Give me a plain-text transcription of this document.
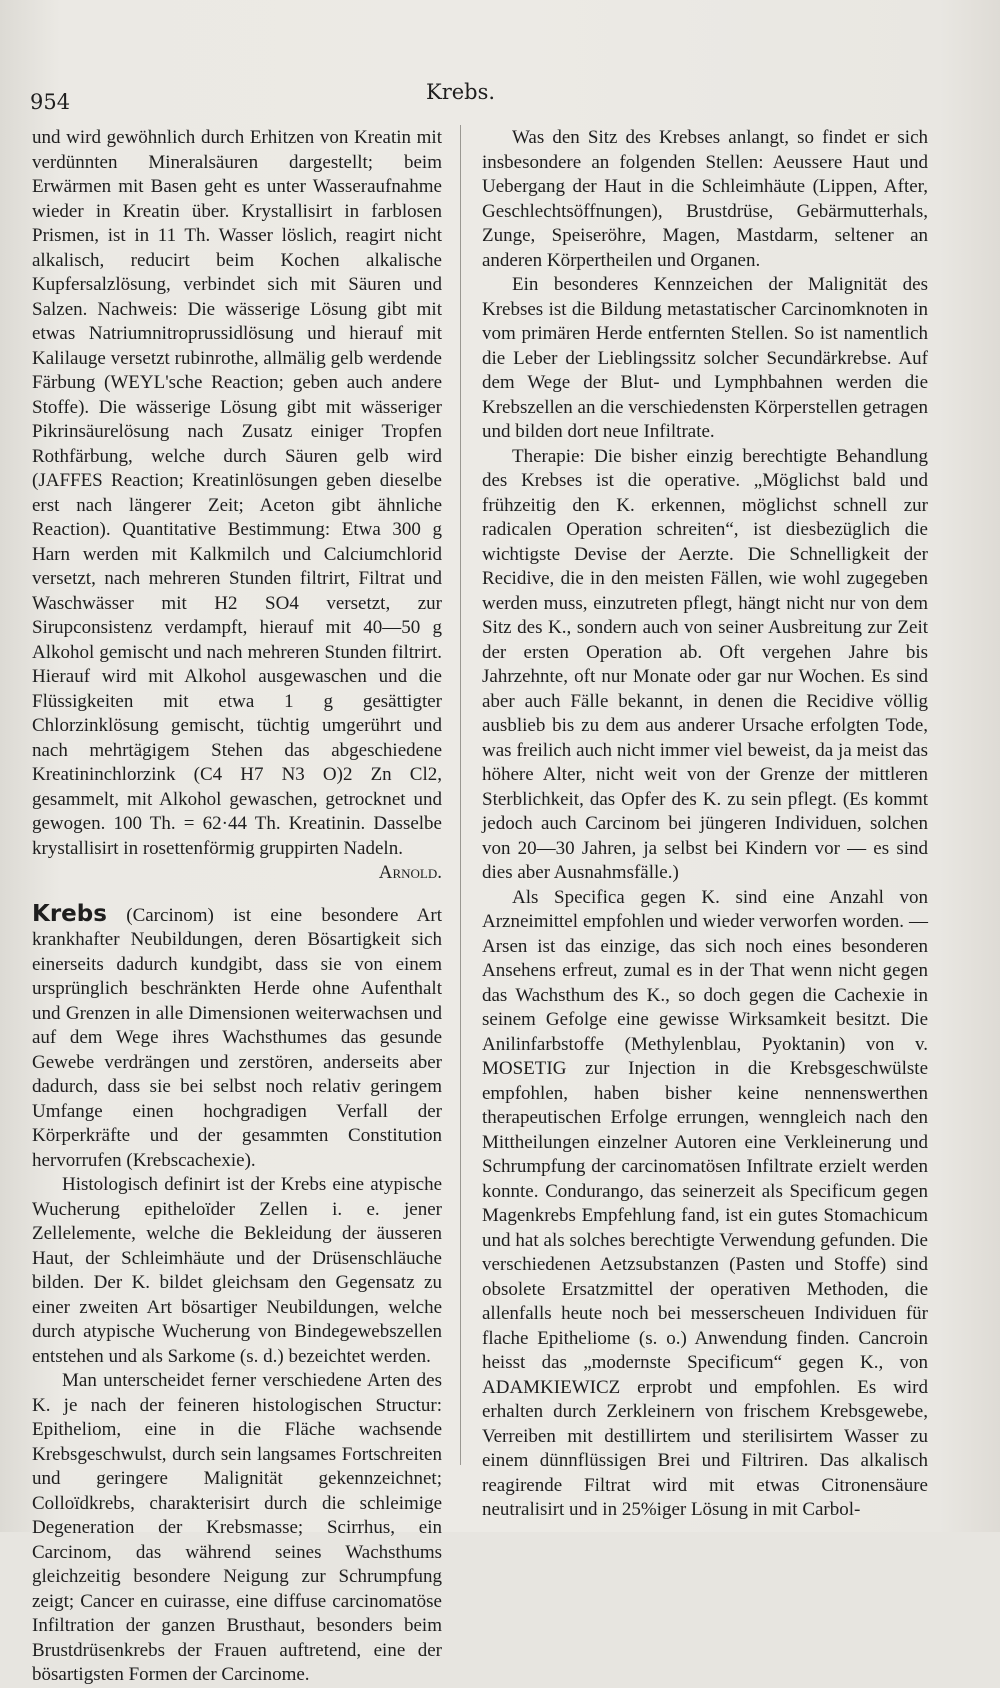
954	Krebs.

und wird gewöhnlich durch Erhitzen von Kreatin mit verdünnten Mineralsäuren dargestellt; beim Erwärmen mit Basen geht es unter Wasseraufnahme wieder in Kreatin über. Krystallisirt in farblosen Prismen, ist in 11 Th. Wasser löslich, reagirt nicht alkalisch, reducirt beim Kochen alkalische Kupfersalzlösung, verbindet sich mit Säuren und Salzen. Nachweis: Die wässerige Lösung gibt mit etwas Natriumnitroprussidlösung und hierauf mit Kalilauge versetzt rubinrothe, allmälig gelb werdende Färbung (WEYL'sche Reaction; geben auch andere Stoffe). Die wässerige Lösung gibt mit wässeriger Pikrinsäurelösung nach Zusatz einiger Tropfen Rothfärbung, welche durch Säuren gelb wird (JAFFES Reaction; Kreatinlösungen geben dieselbe erst nach längerer Zeit; Aceton gibt ähnliche Reaction). Quantitative Bestimmung: Etwa 300 g Harn werden mit Kalkmilch und Calciumchlorid versetzt, nach mehreren Stunden filtrirt, Filtrat und Waschwässer mit H2 SO4 versetzt, zur Sirupconsistenz verdampft, hierauf mit 40—50 g Alkohol gemischt und nach mehreren Stunden filtrirt. Hierauf wird mit Alkohol ausgewaschen und die Flüssigkeiten mit etwa 1 g gesättigter Chlorzinklösung gemischt, tüchtig umgerührt und nach mehrtägigem Stehen das abgeschiedene Kreatininchlorzink (C4 H7 N3 O)2 Zn Cl2, gesammelt, mit Alkohol gewaschen, getrocknet und gewogen. 100 Th. = 62·44 Th. Kreatinin. Dasselbe krystallisirt in rosettenförmig gruppirten Nadeln.

Arnold.

Krebs (Carcinom) ist eine besondere Art krankhafter Neubildungen, deren Bösartigkeit sich einerseits dadurch kundgibt, dass sie von einem ursprünglich beschränkten Herde ohne Aufenthalt und Grenzen in alle Dimensionen weiterwachsen und auf dem Wege ihres Wachsthumes das gesunde Gewebe verdrängen und zerstören, anderseits aber dadurch, dass sie bei selbst noch relativ geringem Umfange einen hochgradigen Verfall der Körperkräfte und der gesammten Constitution hervorrufen (Krebscachexie).

Histologisch definirt ist der Krebs eine atypische Wucherung epitheloïder Zellen i. e. jener Zellelemente, welche die Bekleidung der äusseren Haut, der Schleimhäute und der Drüsenschläuche bilden. Der K. bildet gleichsam den Gegensatz zu einer zweiten Art bösartiger Neubildungen, welche durch atypische Wucherung von Bindegewebszellen entstehen und als Sarkome (s. d.) bezeichtet werden.

Man unterscheidet ferner verschiedene Arten des K. je nach der feineren histologischen Structur: Epitheliom, eine in die Fläche wachsende Krebsgeschwulst, durch sein langsames Fortschreiten und geringere Malignität gekennzeichnet; Colloïdkrebs, charakterisirt durch die schleimige Degeneration der Krebsmasse; Scirrhus, ein Carcinom, das während seines Wachsthums gleichzeitig besondere Neigung zur Schrumpfung zeigt; Cancer en cuirasse, eine diffuse carcinomatöse Infiltration der ganzen Brusthaut, besonders beim Brustdrüsenkrebs der Frauen auftretend, eine der bösartigsten Formen der Carcinome.

Was den Sitz des Krebses anlangt, so findet er sich insbesondere an folgenden Stellen: Aeussere Haut und Uebergang der Haut in die Schleimhäute (Lippen, After, Geschlechtsöffnungen), Brustdrüse, Gebärmutterhals, Zunge, Speiseröhre, Magen, Mastdarm, seltener an anderen Körpertheilen und Organen.

Ein besonderes Kennzeichen der Malignität des Krebses ist die Bildung metastatischer Carcinomknoten in vom primären Herde entfernten Stellen. So ist namentlich die Leber der Lieblingssitz solcher Secundärkrebse. Auf dem Wege der Blut- und Lymphbahnen werden die Krebszellen an die verschiedensten Körperstellen getragen und bilden dort neue Infiltrate.

Therapie: Die bisher einzig berechtigte Behandlung des Krebses ist die operative. „Möglichst bald und frühzeitig den K. erkennen, möglichst schnell zur radicalen Operation schreiten“, ist diesbezüglich die wichtigste Devise der Aerzte. Die Schnelligkeit der Recidive, die in den meisten Fällen, wie wohl zugegeben werden muss, einzutreten pflegt, hängt nicht nur von dem Sitz des K., sondern auch von seiner Ausbreitung zur Zeit der ersten Operation ab. Oft vergehen Jahre bis Jahrzehnte, oft nur Monate oder gar nur Wochen. Es sind aber auch Fälle bekannt, in denen die Recidive völlig ausblieb bis zu dem aus anderer Ursache erfolgten Tode, was freilich auch nicht immer viel beweist, da ja meist das höhere Alter, nicht weit von der Grenze der mittleren Sterblichkeit, das Opfer des K. zu sein pflegt. (Es kommt jedoch auch Carcinom bei jüngeren Individuen, solchen von 20—30 Jahren, ja selbst bei Kindern vor — es sind dies aber Ausnahmsfälle.)

Als Specifica gegen K. sind eine Anzahl von Arzneimittel empfohlen und wieder verworfen worden. — Arsen ist das einzige, das sich noch eines besonderen Ansehens erfreut, zumal es in der That wenn nicht gegen das Wachsthum des K., so doch gegen die Cachexie in seinem Gefolge eine gewisse Wirksamkeit besitzt. Die Anilinfarbstoffe (Methylenblau, Pyoktanin) von v. MOSETIG zur Injection in die Krebsgeschwülste empfohlen, haben bisher keine nennenswerthen therapeutischen Erfolge errungen, wenngleich nach den Mittheilungen einzelner Autoren eine Verkleinerung und Schrumpfung der carcinomatösen Infiltrate erzielt werden konnte. Condurango, das seinerzeit als Specificum gegen Magenkrebs Empfehlung fand, ist ein gutes Stomachicum und hat als solches berechtigte Verwendung gefunden. Die verschiedenen Aetzsubstanzen (Pasten und Stoffe) sind obsolete Ersatzmittel der operativen Methoden, die allenfalls heute noch bei messerscheuen Individuen für flache Epitheliome (s. o.) Anwendung finden. Cancroin heisst das „modernste Specificum“ gegen K., von ADAMKIEWICZ erprobt und empfohlen. Es wird erhalten durch Zerkleinern von frischem Krebsgewebe, Verreiben mit destillirtem und sterilisirtem Wasser zu einem dünnflüssigen Brei und Filtriren. Das alkalisch reagirende Filtrat wird mit etwas Citronensäure neutralisirt und in 25%iger Lösung in mit Carbol-
